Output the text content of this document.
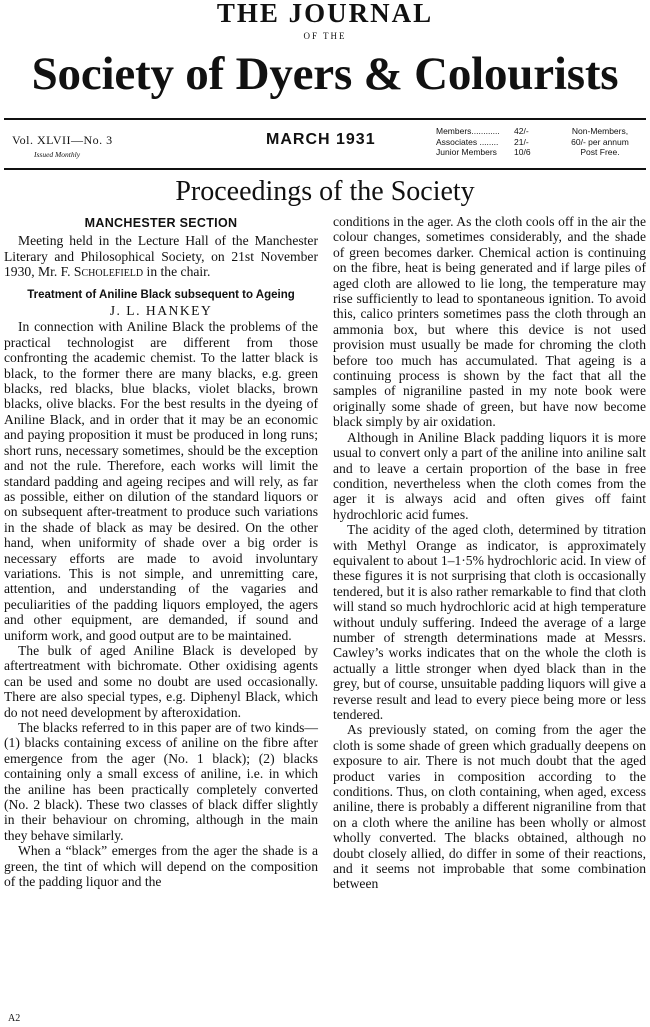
THE JOURNAL
OF THE
Society of Dyers & Colourists
Vol. XLVII—No. 3
Issued Monthly
MARCH 1931	Members............	42/-
Associates ........	21/-
Junior Members	10/6
Non-Members,
60/- per annum
Post Free.
Proceedings of the Society
MANCHESTER SECTION

Meeting held in the Lecture Hall of the Manchester Literary and Philosophical Society, on 21st November 1930, Mr. F. Scholefield in the chair.

Treatment of Aniline Black subsequent to Ageing
J. L. HANKEY

In connection with Aniline Black the problems of the practical technologist are different from those confronting the academic chemist. To the latter black is black, to the former there are many blacks, e.g. green blacks, red blacks, blue blacks, violet blacks, brown blacks, olive blacks. For the best results in the dyeing of Aniline Black, and in order that it may be an economic and paying proposition it must be produced in long runs; short runs, necessary sometimes, should be the exception and not the rule. Therefore, each works will limit the standard padding and ageing recipes and will rely, as far as possible, either on dilution of the standard liquors or on subsequent after-treatment to produce such variations in the shade of black as may be desired. On the other hand, when uniformity of shade over a big order is necessary efforts are made to avoid involuntary variations. This is not simple, and unremitting care, attention, and understanding of the vagaries and peculiarities of the padding liquors employed, the agers and other equipment, are demanded, if sound and uniform work, and good output are to be maintained.

The bulk of aged Aniline Black is developed by aftertreatment with bichromate. Other oxidising agents can be used and some no doubt are used occasionally. There are also special types, e.g. Diphenyl Black, which do not need development by afteroxidation.

The blacks referred to in this paper are of two kinds—(1) blacks containing excess of aniline on the fibre after emergence from the ager (No. 1 black); (2) blacks containing only a small excess of aniline, i.e. in which the aniline has been practically completely converted (No. 2 black). These two classes of black differ slightly in their behaviour on chroming, although in the main they behave similarly.

When a “black” emerges from the ager the shade is a green, the tint of which will depend on the composition of the padding liquor and the

conditions in the ager. As the cloth cools off in the air the colour changes, sometimes considerably, and the shade of green becomes darker. Chemical action is continuing on the fibre, heat is being generated and if large piles of aged cloth are allowed to lie long, the temperature may rise sufficiently to lead to spontaneous ignition. To avoid this, calico printers sometimes pass the cloth through an ammonia box, but where this device is not used provision must usually be made for chroming the cloth before too much has accumulated. That ageing is a continuing process is shown by the fact that all the samples of nigraniline pasted in my note book were originally some shade of green, but have now become black simply by air oxidation.

Although in Aniline Black padding liquors it is more usual to convert only a part of the aniline into aniline salt and to leave a certain proportion of the base in free condition, nevertheless when the cloth comes from the ager it is always acid and often gives off faint hydrochloric acid fumes.

The acidity of the aged cloth, determined by titration with Methyl Orange as indicator, is approximately equivalent to about 1–1·5% hydrochloric acid. In view of these figures it is not surprising that cloth is occasionally tendered, but it is also rather remarkable to find that cloth will stand so much hydrochloric acid at high temperature without unduly suffering. Indeed the average of a large number of strength determinations made at Messrs. Cawley’s works indicates that on the whole the cloth is actually a little stronger when dyed black than in the grey, but of course, unsuitable padding liquors will give a reverse result and lead to every piece being more or less tendered.

As previously stated, on coming from the ager the cloth is some shade of green which gradually deepens on exposure to air. There is not much doubt that the aged product varies in composition according to the conditions. Thus, on cloth containing, when aged, excess aniline, there is probably a different nigraniline from that on a cloth where the aniline has been wholly or almost wholly converted. The blacks obtained, although no doubt closely allied, do differ in some of their reactions, and it seems not improbable that some combination between

A2
